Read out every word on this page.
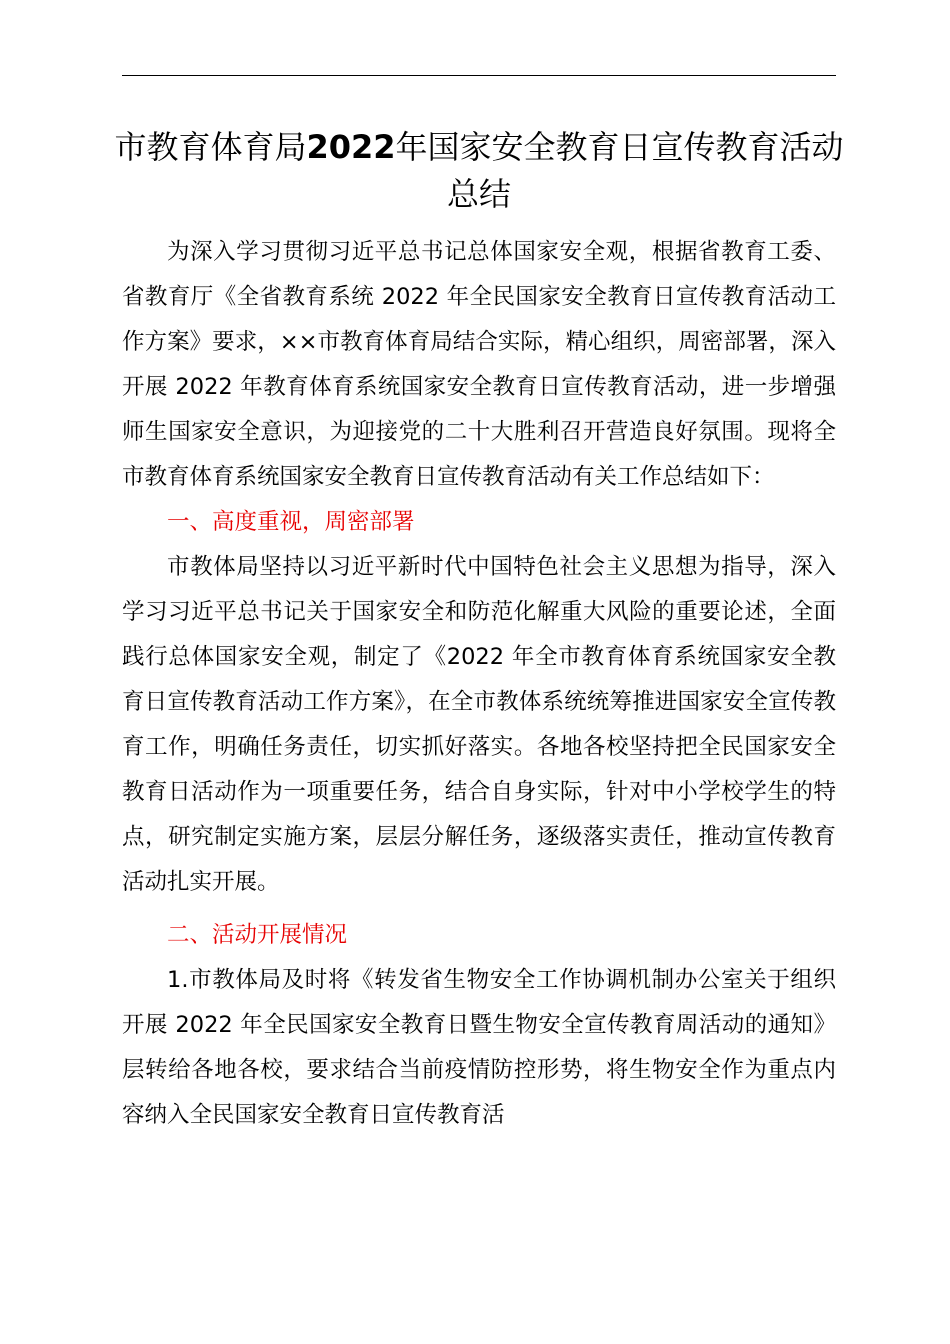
市教育体育局2022年国家安全教育日宣传教育活动总结

为深入学习贯彻习近平总书记总体国家安全观，根据省教育工委、省教育厅《全省教育系统 2022 年全民国家安全教育日宣传教育活动工作方案》要求，××市教育体育局结合实际，精心组织，周密部署，深入开展 2022 年教育体育系统国家安全教育日宣传教育活动，进一步增强师生国家安全意识，为迎接党的二十大胜利召开营造良好氛围。现将全市教育体育系统国家安全教育日宣传教育活动有关工作总结如下：

一、高度重视，周密部署

市教体局坚持以习近平新时代中国特色社会主义思想为指导，深入学习习近平总书记关于国家安全和防范化解重大风险的重要论述，全面践行总体国家安全观，制定了《2022 年全市教育体育系统国家安全教育日宣传教育活动工作方案》，在全市教体系统统筹推进国家安全宣传教育工作，明确任务责任，切实抓好落实。各地各校坚持把全民国家安全教育日活动作为一项重要任务，结合自身实际，针对中小学校学生的特点，研究制定实施方案，层层分解任务，逐级落实责任，推动宣传教育活动扎实开展。

二、活动开展情况

1.市教体局及时将《转发省生物安全工作协调机制办公室关于组织开展 2022 年全民国家安全教育日暨生物安全宣传教育周活动的通知》层转给各地各校，要求结合当前疫情防控形势，将生物安全作为重点内容纳入全民国家安全教育日宣传教育活
